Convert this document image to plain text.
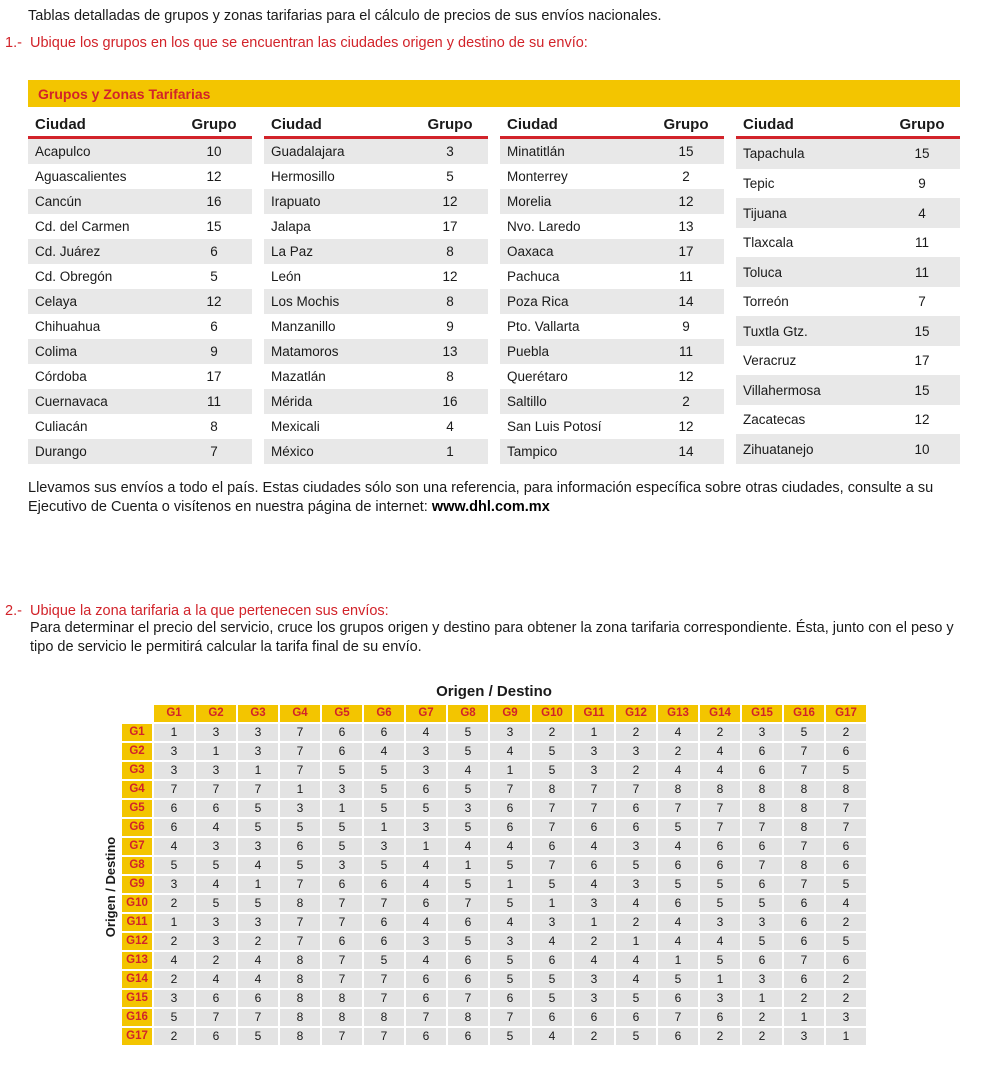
Tablas detalladas de grupos y zonas tarifarias para el cálculo de precios de sus envíos nacionales.

1.- Ubique los grupos en los que se encuentran las ciudades origen y destino de su envío:
Grupos y Zonas Tarifarias
Ciudad	Grupo
Acapulco	10
Aguascalientes	12
Cancún	16
Cd. del Carmen	15
Cd. Juárez	6
Cd. Obregón	5
Celaya	12
Chihuahua	6
Colima	9
Córdoba	17
Cuernavaca	11
Culiacán	8
Durango	7
Ciudad	Grupo
Guadalajara	3
Hermosillo	5
Irapuato	12
Jalapa	17
La Paz	8
León	12
Los Mochis	8
Manzanillo	9
Matamoros	13
Mazatlán	8
Mérida	16
Mexicali	4
México	1
Ciudad	Grupo
Minatitlán	15
Monterrey	2
Morelia	12
Nvo. Laredo	13
Oaxaca	17
Pachuca	11
Poza Rica	14
Pto. Vallarta	9
Puebla	11
Querétaro	12
Saltillo	2
San Luis Potosí	12
Tampico	14
Ciudad	Grupo
Tapachula	15
Tepic	9
Tijuana	4
Tlaxcala	11
Toluca	11
Torreón	7
Tuxtla Gtz.	15
Veracruz	17
Villahermosa	15
Zacatecas	12
Zihuatanejo	10

Llevamos sus envíos a todo el país. Estas ciudades sólo son una referencia, para información específica sobre otras ciudades, consulte a su Ejecutivo de Cuenta o visítenos en nuestra página de internet: www.dhl.com.mx

2.- Ubique la zona tarifaria a la que pertenecen sus envíos:
Para determinar el precio del servicio, cruce los grupos origen y destino para obtener la zona tarifaria correspondiente. Ésta, junto con el peso y tipo de servicio le permitirá calcular la tarifa final de su envío.
Origen / Destino
Origen / Destino
	G1	G2	G3	G4	G5	G6	G7	G8	G9	G10	G11	G12	G13	G14	G15	G16	G17
G1	1	3	3	7	6	6	4	5	3	2	1	2	4	2	3	5	2
G2	3	1	3	7	6	4	3	5	4	5	3	3	2	4	6	7	6
G3	3	3	1	7	5	5	3	4	1	5	3	2	4	4	6	7	5
G4	7	7	7	1	3	5	6	5	7	8	7	7	8	8	8	8	8
G5	6	6	5	3	1	5	5	3	6	7	7	6	7	7	8	8	7
G6	6	4	5	5	5	1	3	5	6	7	6	6	5	7	7	8	7
G7	4	3	3	6	5	3	1	4	4	6	4	3	4	6	6	7	6
G8	5	5	4	5	3	5	4	1	5	7	6	5	6	6	7	8	6
G9	3	4	1	7	6	6	4	5	1	5	4	3	5	5	6	7	5
G10	2	5	5	8	7	7	6	7	5	1	3	4	6	5	5	6	4
G11	1	3	3	7	7	6	4	6	4	3	1	2	4	3	3	6	2
G12	2	3	2	7	6	6	3	5	3	4	2	1	4	4	5	6	5
G13	4	2	4	8	7	5	4	6	5	6	4	4	1	5	6	7	6
G14	2	4	4	8	7	7	6	6	5	5	3	4	5	1	3	6	2
G15	3	6	6	8	8	7	6	7	6	5	3	5	6	3	1	2	2
G16	5	7	7	8	8	8	7	8	7	6	6	6	7	6	2	1	3
G17	2	6	5	8	7	7	6	6	5	4	2	5	6	2	2	3	1
